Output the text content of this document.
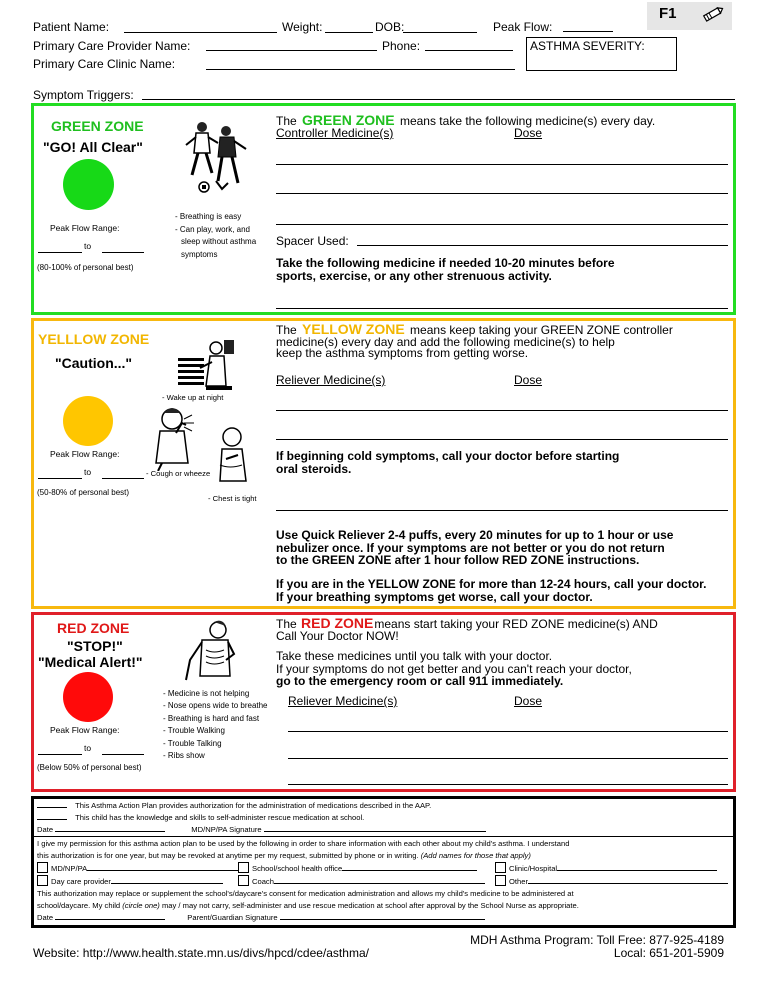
Patient Name:	Weight:	DOB:	Peak Flow:
F1
Primary Care Provider Name:	Phone:	ASTHMA SEVERITY:
Primary Care Clinic Name:
Symptom Triggers:
GREEN ZONE
"GO! All Clear"
- Breathing is easy
- Can play, work, and
sleep without asthma
symptoms
Peak Flow Range:
to
(80-100% of personal best)
The GREEN ZONE means take the following medicine(s) every day.
Controller Medicine(s)	Dose
Spacer Used:
Take the following medicine if needed 10-20 minutes before
sports, exercise, or any other strenuous activity.
YELLLOW ZONE
"Caution..."
- Wake up at night
- Cough or wheeze
- Chest is tight
Peak Flow Range:
to
(50-80% of personal best)
The YELLOW ZONE means keep taking your GREEN ZONE controller
medicine(s) every day and add the following medicine(s) to help
keep the asthma symptoms from getting worse.
Reliever Medicine(s)	Dose
If beginning cold symptoms, call your doctor before starting
oral steroids.
Use Quick Reliever 2-4 puffs, every 20 minutes for up to 1 hour or use
nebulizer once. If your symptoms are not better or you do not return
to the GREEN ZONE after 1 hour follow RED ZONE instructions.
If you are in the YELLOW ZONE for more than 12-24 hours, call your doctor.
If your breathing symptoms get worse, call your doctor.
RED ZONE
"STOP!"
"Medical Alert!"
- Medicine is not helping
- Nose opens wide to breathe
- Breathing is hard and fast
- Trouble Walking
- Trouble Talking
- Ribs show
Peak Flow Range:
to
(Below 50% of personal best)
The RED ZONEmeans start taking your RED ZONE medicine(s) AND
Call Your Doctor NOW!
Take these medicines until you talk with your doctor.
If your symptoms do not get better and you can't reach your doctor,
go to the emergency room or call 911 immediately.
Reliever Medicine(s)	Dose
This Asthma Action Plan provides authorization for the administration of medications described in the AAP.
This child has the knowledge and skills to self-administer rescue medication at school.
Date	MD/NP/PA Signature
I give my permission for this asthma action plan to be used by the following in order to share information with each other about my child's asthma. I understand
this authorization is for one year, but may be revoked at anytime per my request, submitted by phone or in writing. (Add names for those that apply)
MD/NP/PA	School/school health office	Clinic/Hospital
Day care provider	Coach	Other
This authorization may replace or supplement the school's/daycare's consent for medication administration and allows my child's medicine to be administered at
school/daycare. My child (circle one) may / may not carry, self-administer and use rescue medication at school after approval by the School Nurse as appropriate.
Date	Parent/Guardian Signature
MDH Asthma Program: Toll Free: 877-925-4189
Local: 651-201-5909
Website: http://www.health.state.mn.us/divs/hpcd/cdee/asthma/
